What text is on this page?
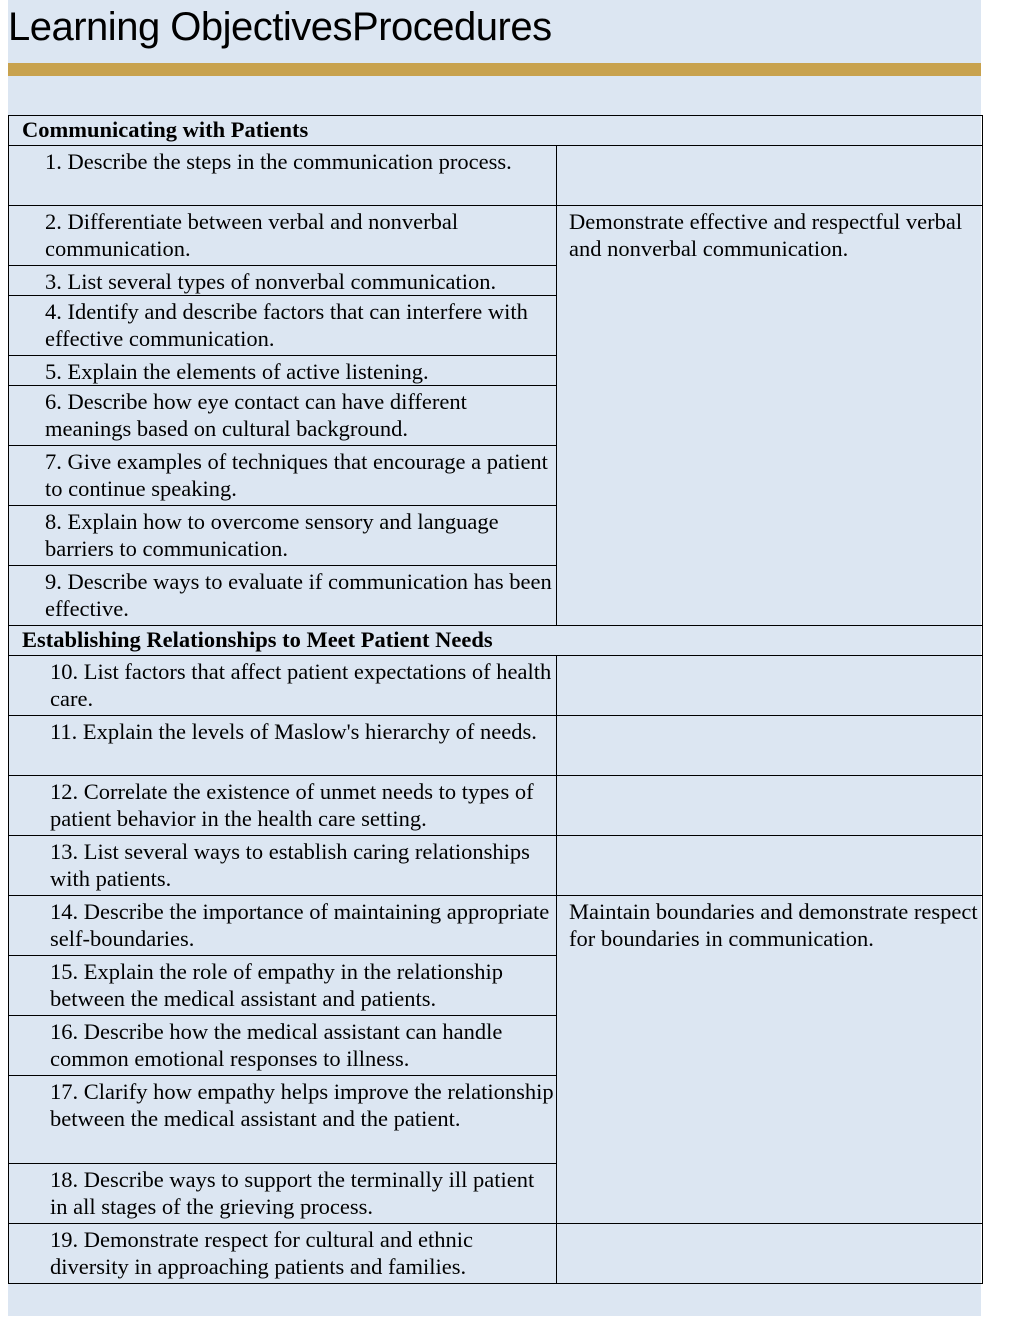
Learning ObjectivesProcedures
Communicating with Patients	
1. Describe the steps in the communication process.	
2. Differentiate between verbal and nonverbal communication.	Demonstrate effective and respectful verbal and nonverbal communication.
3. List several types of nonverbal communication.	
4. Identify and describe factors that can interfere with effective communication.	
5. Explain the elements of active listening.	
6. Describe how eye contact can have different meanings based on cultural background.	
7. Give examples of techniques that encourage a patient to continue speaking.	
8. Explain how to overcome sensory and language barriers to communication.	
9. Describe ways to evaluate if communication has been effective.	
Establishing Relationships to Meet Patient Needs	
10. List factors that affect patient expectations of health care.	
11. Explain the levels of Maslow's hierarchy of needs.	
12. Correlate the existence of unmet needs to types of patient behavior in the health care setting.	
13. List several ways to establish caring relationships with patients.	
14. Describe the importance of maintaining appropriate self-boundaries.	Maintain boundaries and demonstrate respect for boundaries in communication.
15. Explain the role of empathy in the relationship between the medical assistant and patients.	
16. Describe how the medical assistant can handle common emotional responses to illness.	
17. Clarify how empathy helps improve the relationship between the medical assistant and the patient.	
18. Describe ways to support the terminally ill patient in all stages of the grieving process.	
19. Demonstrate respect for cultural and ethnic diversity in approaching patients and families.	
